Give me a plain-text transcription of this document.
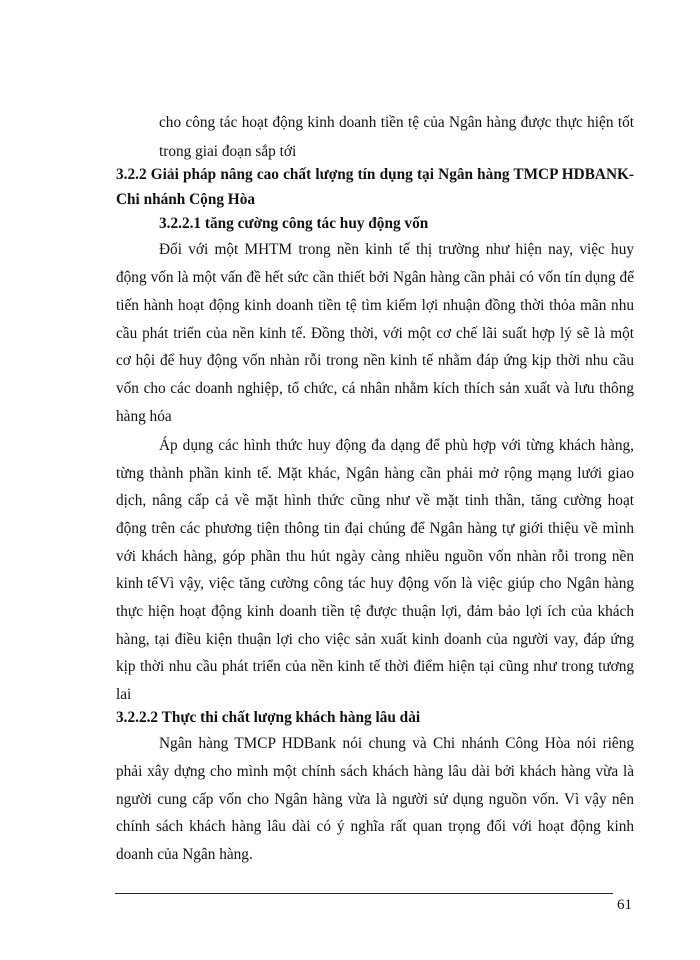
cho công tác hoạt động kinh doanh tiền tệ của Ngân hàng được thực hiện tốt
trong giai đoạn sắp tới
3.2.2 Giải pháp nâng cao chất lượng tín dụng tại Ngân hàng TMCP HDBANK-
Chi nhánh Cộng Hòa
3.2.2.1 tăng cường công tác huy động vốn
Đối với một MHTM trong nền kinh tế thị trường như hiện nay, việc huy
động vốn là một vấn đề hết sức cần thiết bởi Ngân hàng cần phải có vốn tín dụng để
tiến hành hoạt động kinh doanh tiền tệ tìm kiếm lợi nhuận đồng thời thỏa mãn nhu
cầu phát triển của nền kinh tế. Đồng thời, với một cơ chế lãi suất hợp lý sẽ là một
cơ hội để huy động vốn nhàn rỗi trong nền kinh tế nhằm đáp ứng kịp thời nhu cầu
vốn cho các doanh nghiệp, tổ chức, cá nhân nhằm kích thích sản xuất và lưu thông
hàng hóa
Áp dụng các hình thức huy động đa dạng để phù hợp với từng khách hàng,
từng thành phần kinh tế. Mặt khác, Ngân hàng cần phải mở rộng mạng lưới giao
dịch, nâng cấp cả về mặt hình thức cũng như về mặt tinh thần, tăng cường hoạt
động trên các phương tiện thông tin đại chúng để Ngân hàng tự giới thiệu về mình
với khách hàng, góp phần thu hút ngày càng nhiều nguồn vốn nhàn rỗi trong nền
kinh tế Vì vậy, việc tăng cường công tác huy động vốn là việc giúp cho Ngân hàng
thực hiện hoạt động kinh doanh tiền tệ được thuận lợi, đảm bảo lợi ích của khách
hàng, tại điều kiện thuận lợi cho việc sản xuất kinh doanh của người vay, đáp ứng
kịp thời nhu cầu phát triển của nền kinh tế thời điểm hiện tại cũng như trong tương
lai
3.2.2.2 Thực thi chất lượng khách hàng lâu dài
Ngân hàng TMCP HDBank nói chung và Chi nhánh Công Hòa nói riêng
phải xây dựng cho mình một chính sách khách hàng lâu dài bởi khách hàng vừa là
người cung cấp vốn cho Ngân hàng vừa là người sử dụng nguồn vốn. Vì vậy nên
chính sách khách hàng lâu dài có ý nghĩa rất quan trọng đối với hoạt động kinh
doanh của Ngân hàng.
61
